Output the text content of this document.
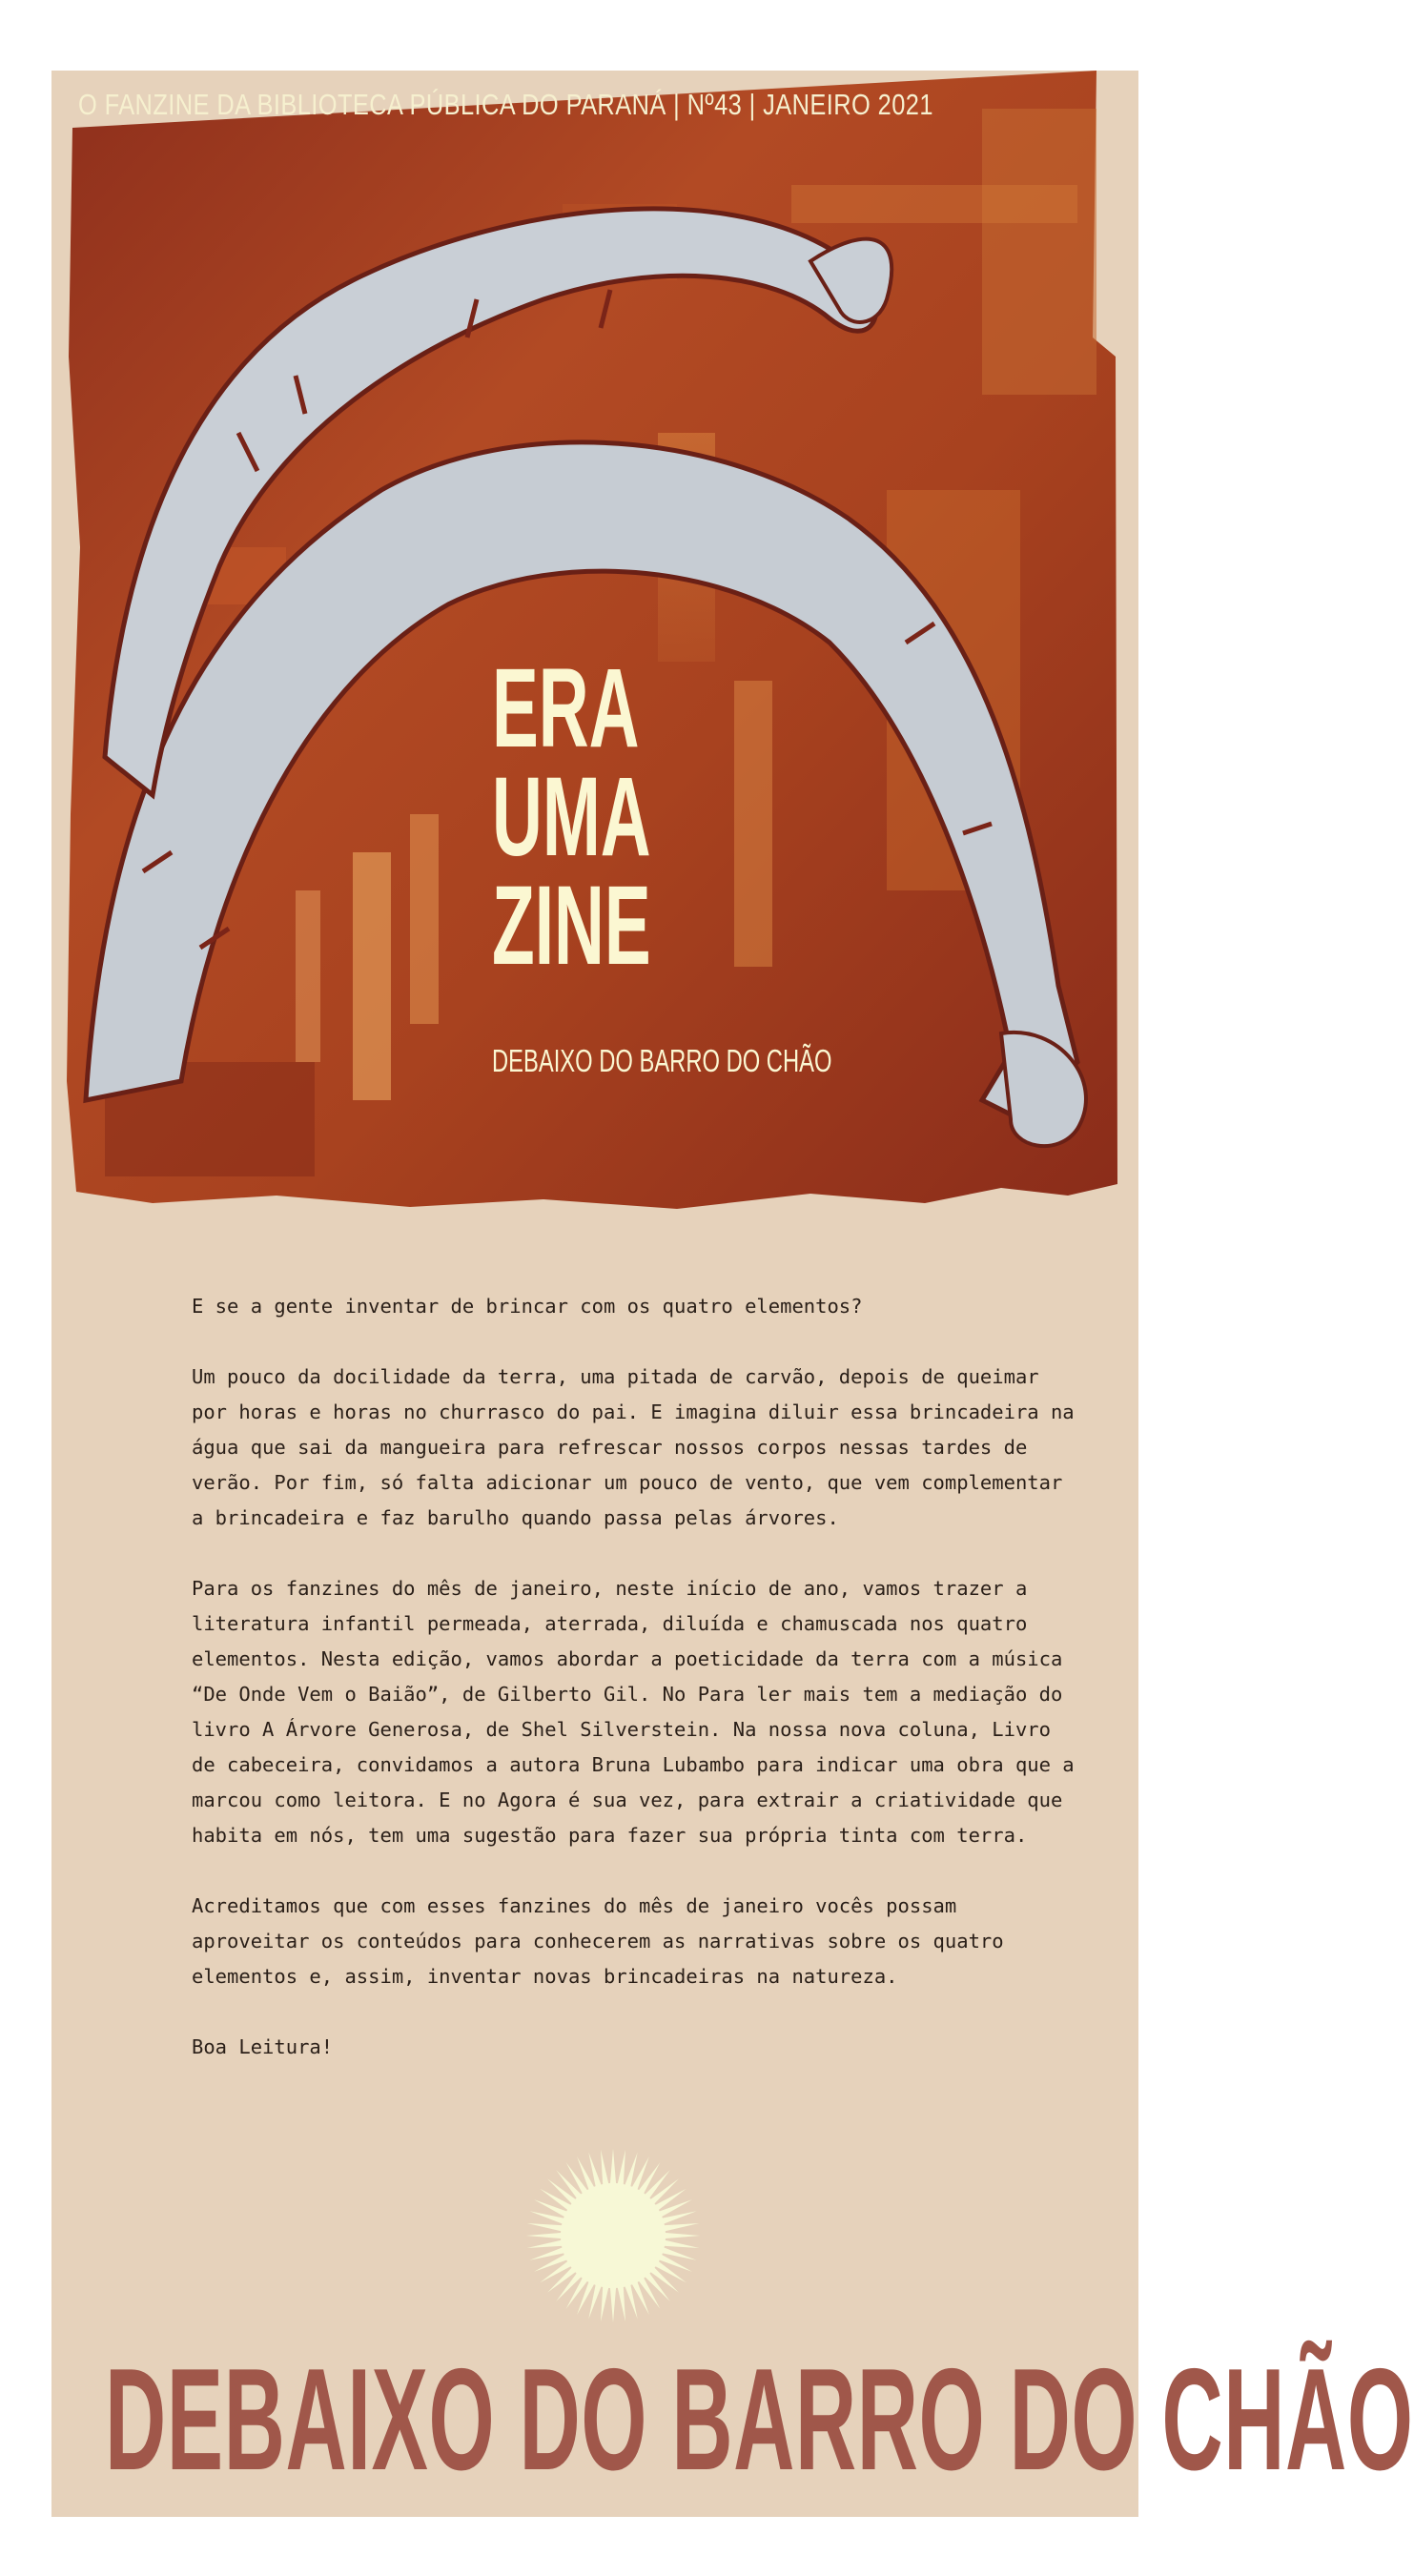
O FANZINE DA BIBLIOTECA PÚBLICA DO PARANÁ | Nº43 | JANEIRO 2021
ERA
UMA
ZINE
DEBAIXO DO BARRO DO CHÃO

E se a gente inventar de brincar com os quatro elementos?

Um pouco da docilidade da terra, uma pitada de carvão, depois de queimar por horas e horas no churrasco do pai. E imagina diluir essa brincadeira na água que sai da mangueira para refrescar nossos corpos nessas tardes de verão. Por fim, só falta adicionar um pouco de vento, que vem complementar a brincadeira e faz barulho quando passa pelas árvores.

Para os fanzines do mês de janeiro, neste início de ano, vamos trazer a literatura infantil permeada, aterrada, diluída e chamuscada nos quatro elementos. Nesta edição, vamos abordar a poeticidade da terra com a música “De Onde Vem o Baião”, de Gilberto Gil. No Para ler mais tem a mediação do livro A Árvore Generosa, de Shel Silverstein. Na nossa nova coluna, Livro de cabeceira, convidamos a autora Bruna Lubambo para indicar uma obra que a marcou como leitora. E no Agora é sua vez, para extrair a criatividade que habita em nós, tem uma sugestão para fazer sua própria tinta com terra.

Acreditamos que com esses fanzines do mês de janeiro vocês possam aproveitar os conteúdos para conhecerem as narrativas sobre os quatro elementos e, assim, inventar novas brincadeiras na natureza.

Boa Leitura!

DEBAIXO DO BARRO DO CHÃO
